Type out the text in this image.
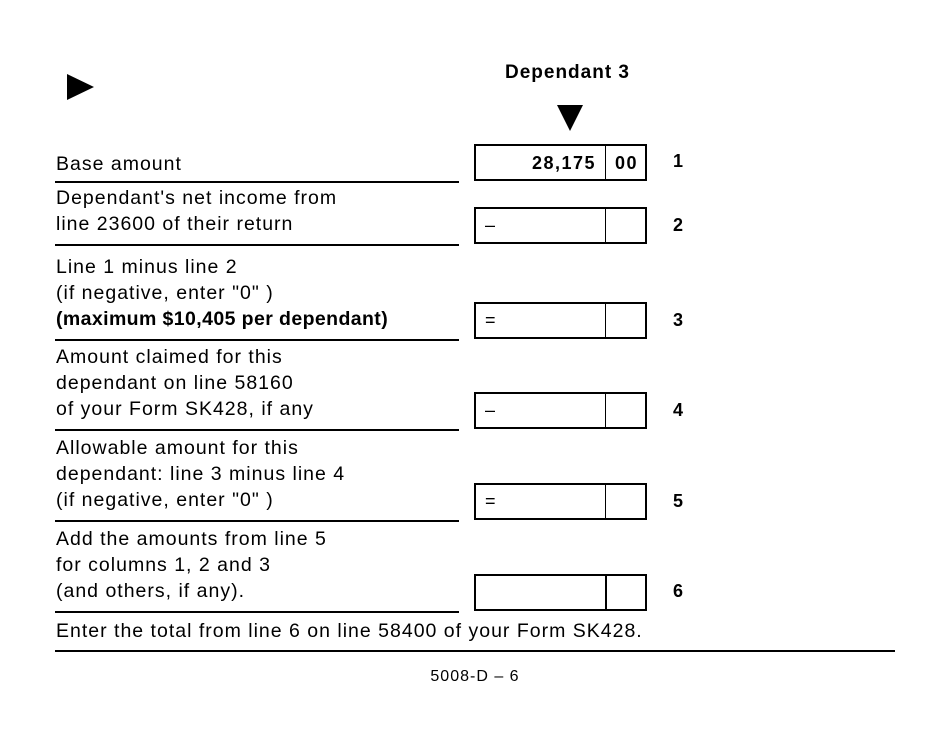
Dependant 3
Base amount	28,175	00	1
Dependant's net income from
line 23600 of their return	–	2
Line 1 minus line 2
(if negative, enter "0" )
(maximum $10,405 per dependant)	=	3
Amount claimed for this
dependant on line 58160
of your Form SK428, if any	–	4
Allowable amount for this
dependant: line 3 minus line 4
(if negative, enter "0" )	=	5
Add the amounts from line 5
for columns 1, 2 and 3
(and others, if any).	6
Enter the total from line 6 on line 58400 of your Form SK428.
5008-D – 6
